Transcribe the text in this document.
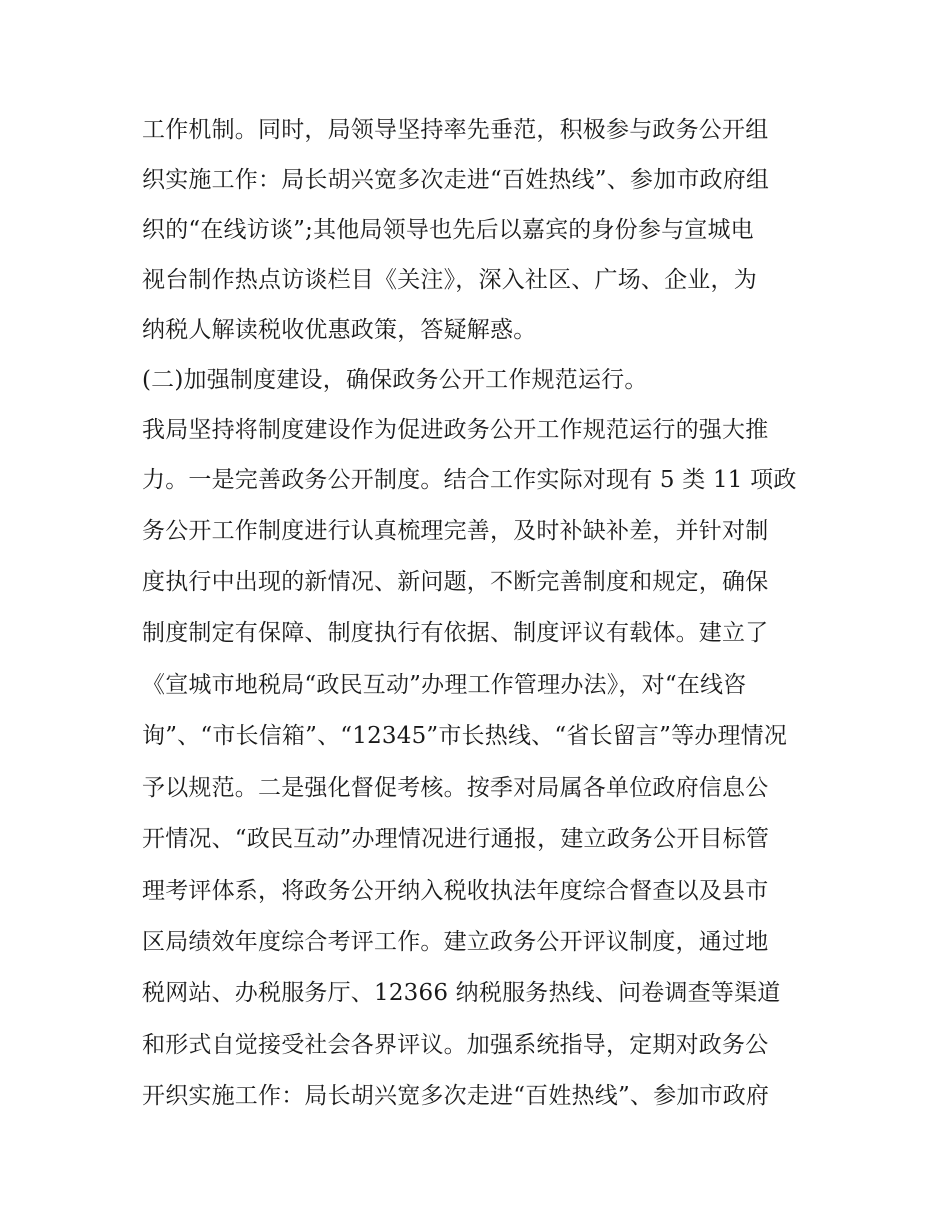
工作机制。同时，局领导坚持率先垂范，积极参与政务公开组
织实施工作：局长胡兴宽多次走进“百姓热线”、参加市政府组
织的“在线访谈”;其他局领导也先后以嘉宾的身份参与宣城电
视台制作热点访谈栏目《关注》，深入社区、广场、企业，为
纳税人解读税收优惠政策，答疑解惑。
(二)加强制度建设，确保政务公开工作规范运行。
我局坚持将制度建设作为促进政务公开工作规范运行的强大推
力。一是完善政务公开制度。结合工作实际对现有 5 类 11 项政
务公开工作制度进行认真梳理完善，及时补缺补差，并针对制
度执行中出现的新情况、新问题，不断完善制度和规定，确保
制度制定有保障、制度执行有依据、制度评议有载体。建立了
《宣城市地税局“政民互动”办理工作管理办法》，对“在线咨
询”、“市长信箱”、“12345”市长热线、“省长留言”等办理情况
予以规范。二是强化督促考核。按季对局属各单位政府信息公
开情况、“政民互动”办理情况进行通报，建立政务公开目标管
理考评体系，将政务公开纳入税收执法年度综合督查以及县市
区局绩效年度综合考评工作。建立政务公开评议制度，通过地
税网站、办税服务厅、12366 纳税服务热线、问卷调查等渠道
和形式自觉接受社会各界评议。加强系统指导，定期对政务公
开织实施工作：局长胡兴宽多次走进“百姓热线”、参加市政府
